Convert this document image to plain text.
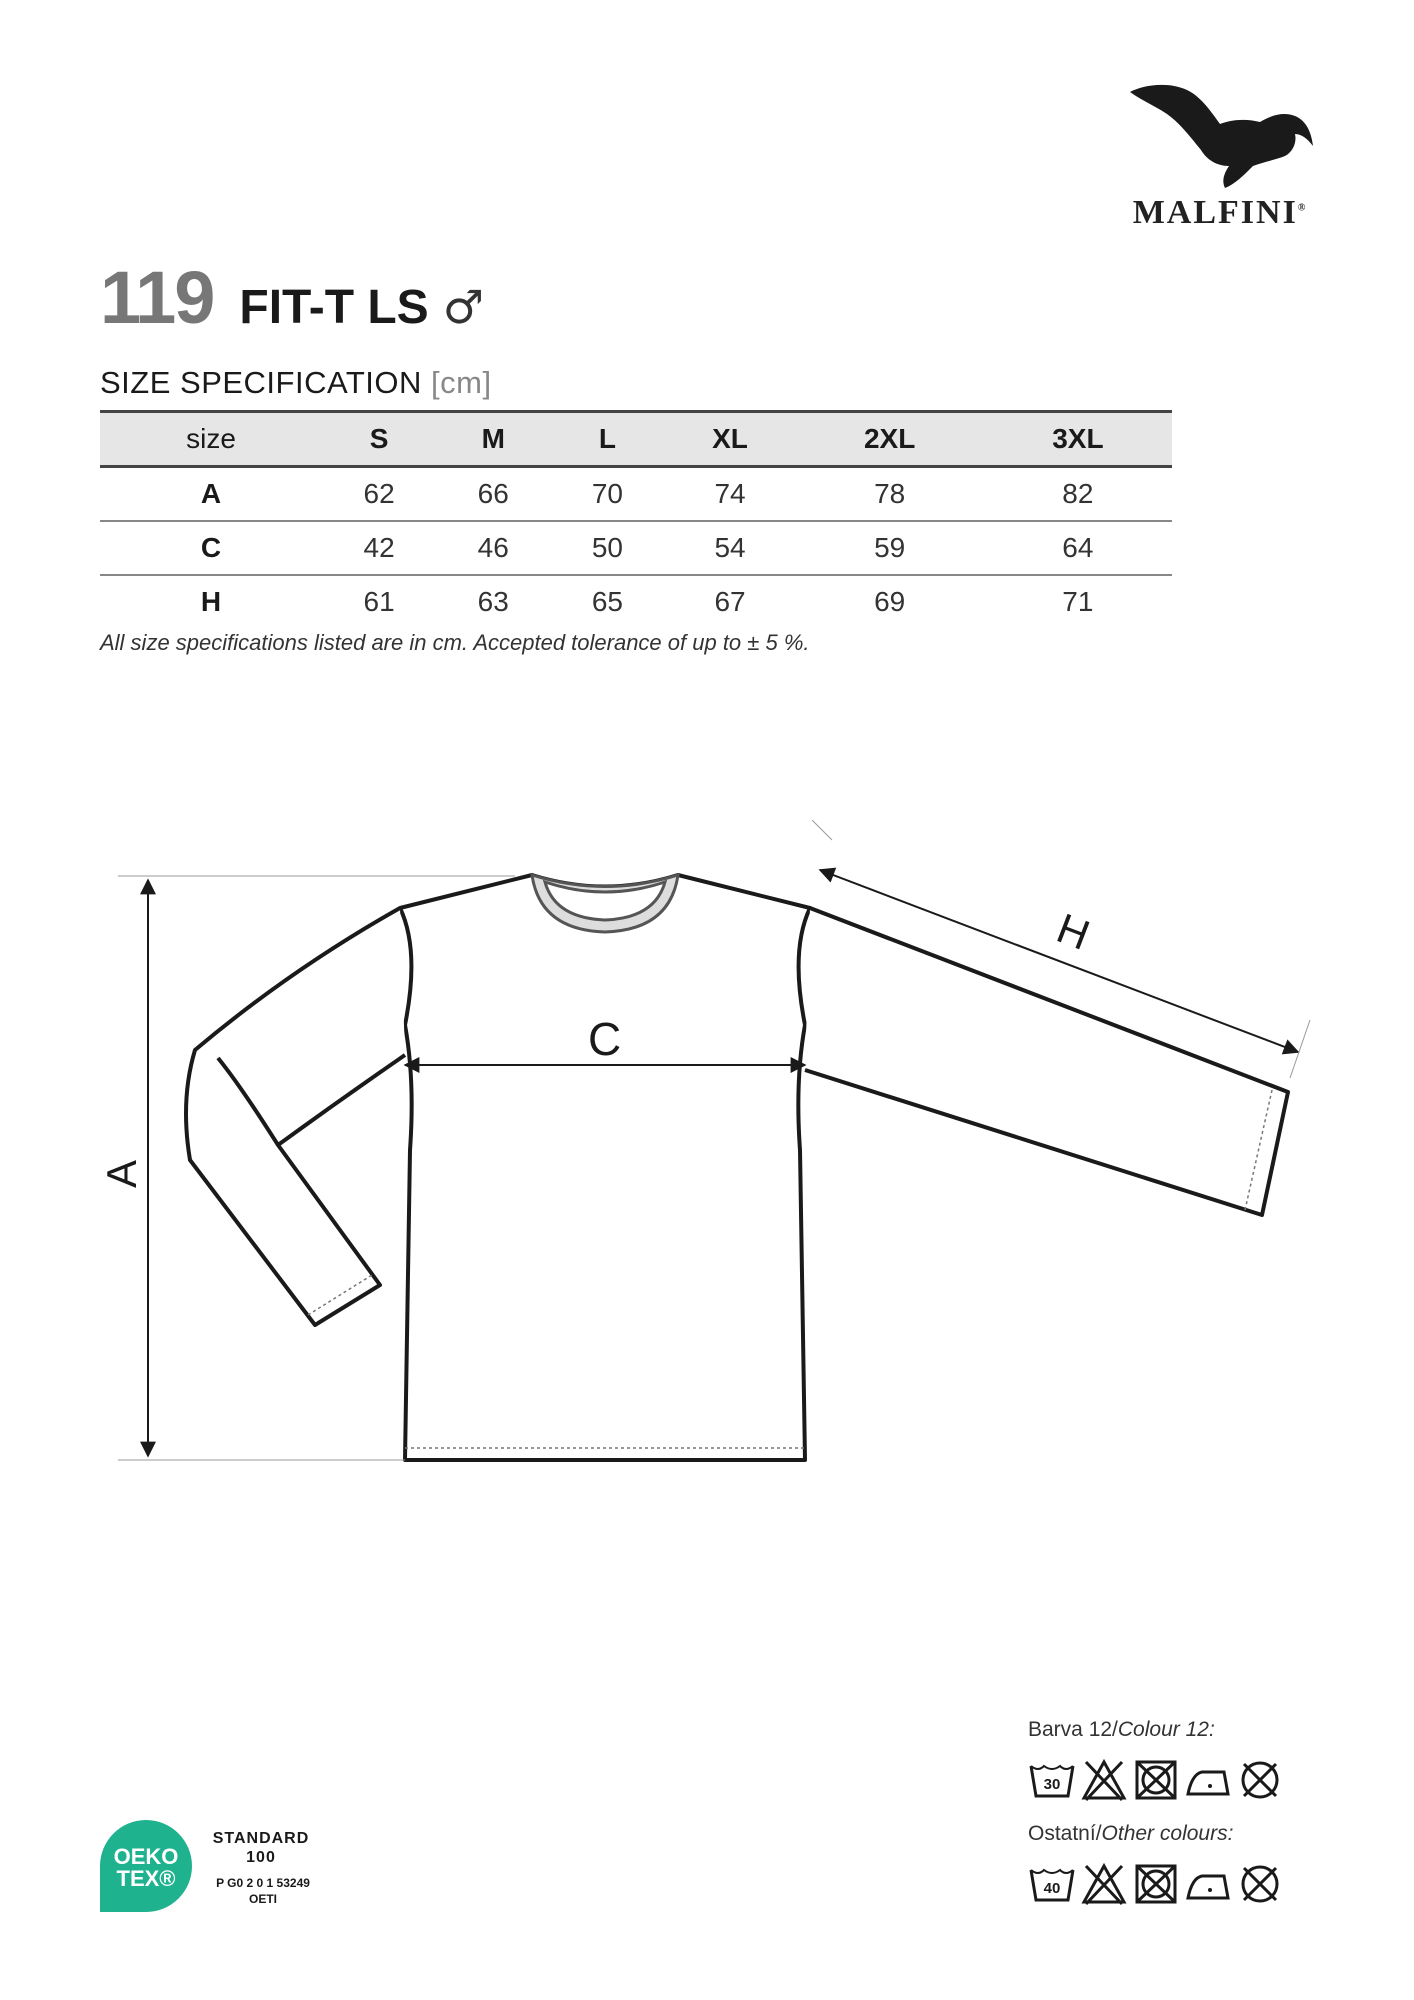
MALFINI®
119 FIT-T LS ♂
SIZE SPECIFICATION [cm]
size	S	M	L	XL	2XL	3XL
A	62	66	70	74	78	82
C	42	46	50	54	59	64
H	61	63	65	67	69	71
All size specifications listed are in cm. Accepted tolerance of up to ± 5 %.
A
C
H
Barva 12/Colour 12:
30
Ostatní/Other colours:
40
OEKO
TEX®
STANDARD
100
P G0 2 0 1 53249
OETI
